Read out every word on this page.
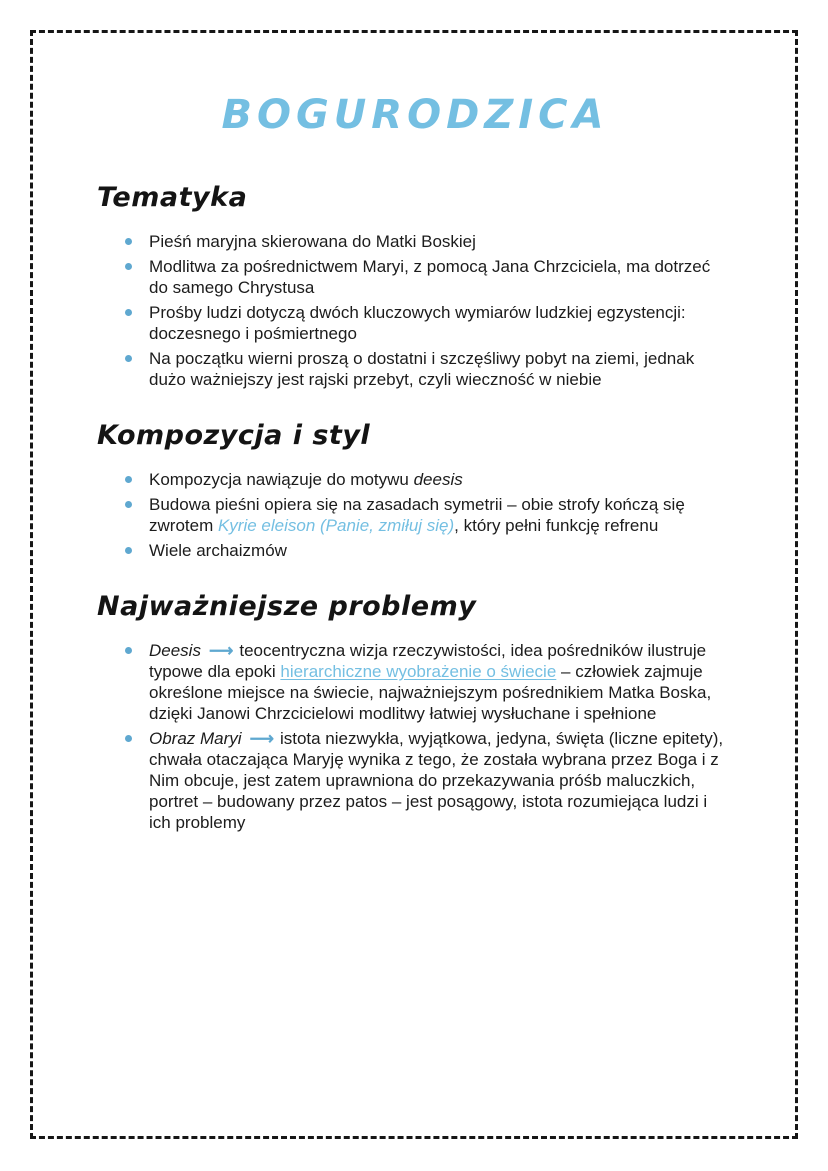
BOGURODZICA
Tematyka
Pieśń maryjna skierowana do Matki Boskiej
Modlitwa za pośrednictwem Maryi, z pomocą Jana Chrzciciela, ma dotrzeć do samego Chrystusa
Prośby ludzi dotyczą dwóch kluczowych wymiarów ludzkiej egzystencji: doczesnego i pośmiertnego
Na początku wierni proszą o dostatni i szczęśliwy pobyt na ziemi, jednak dużo ważniejszy jest rajski przebyt, czyli wieczność w niebie
Kompozycja i styl
Kompozycja nawiązuje do motywu deesis
Budowa pieśni opiera się na zasadach symetrii – obie strofy kończą się zwrotem Kyrie eleison (Panie, zmiłuj się), który pełni funkcję refrenu
Wiele archaizmów
Najważniejsze problemy
Deesis ⟶ teocentryczna wizja rzeczywistości, idea pośredników ilustruje typowe dla epoki hierarchiczne wyobrażenie o świecie – człowiek zajmuje określone miejsce na świecie, najważniejszym pośrednikiem Matka Boska, dzięki Janowi Chrzcicielowi modlitwy łatwiej wysłuchane i spełnione
Obraz Maryi ⟶ istota niezwykła, wyjątkowa, jedyna, święta (liczne epitety), chwała otaczająca Maryję wynika z tego, że została wybrana przez Boga i z Nim obcuje, jest zatem uprawniona do przekazywania próśb maluczkich, portret – budowany przez patos – jest posągowy, istota rozumiejąca ludzi i ich problemy
